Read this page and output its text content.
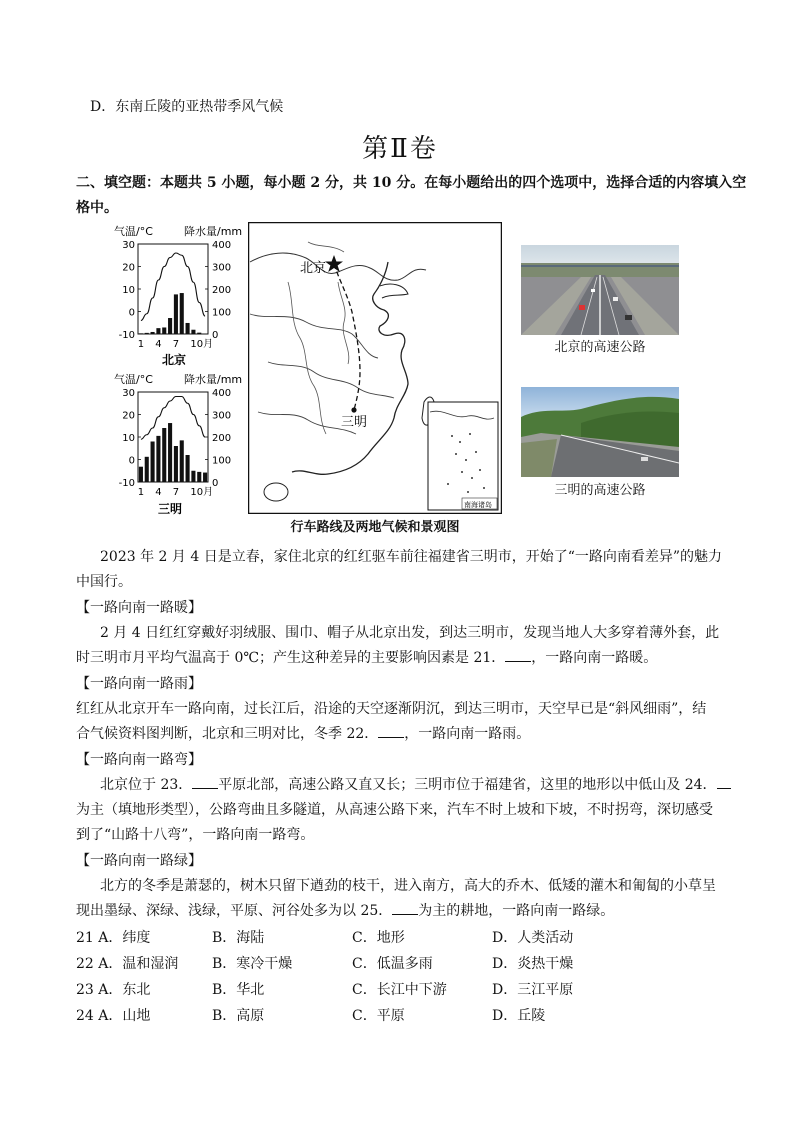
D．东南丘陵的亚热带季风气候
第Ⅱ卷
二、填空题：本题共 5 小题，每小题 2 分，共 10 分。在每小题给出的四个选项中，选择合适的内容填入空
格中。
气温/°C	降水量/mm
30
20
10
0
-10
400
300
200
100
0
1 4 7 10月
北京
气温/°C	降水量/mm
30
20
10
0
-10
400
300
200
100
0
1 4 7 10月
三明
北京
三明
南海诸岛
北京的高速公路
三明的高速公路
行车路线及两地气候和景观图
2023 年 2 月 4 日是立春，家住北京的红红驱车前往福建省三明市，开始了“一路向南看差异”的魅力
中国行。
【一路向南一路暖】
2 月 4 日红红穿戴好羽绒服、围巾、帽子从北京出发，到达三明市，发现当地人大多穿着薄外套，此
时三明市月平均气温高于 0℃；产生这种差异的主要影响因素是 21． ，一路向南一路暖。
【一路向南一路雨】
红红从北京开车一路向南，过长江后，沿途的天空逐渐阴沉，到达三明市，天空早已是“斜风细雨”，结
合气候资料图判断，北京和三明对比，冬季 22． ，一路向南一路雨。
【一路向南一路弯】
北京位于 23． 平原北部，高速公路又直又长；三明市位于福建省，这里的地形以中低山及 24．
为主（填地形类型），公路弯曲且多隧道，从高速公路下来，汽车不时上坡和下坡，不时拐弯，深切感受
到了“山路十八弯”，一路向南一路弯。
【一路向南一路绿】
北方的冬季是萧瑟的，树木只留下遒劲的枝干，进入南方，高大的乔木、低矮的灌木和匍匐的小草呈
现出墨绿、深绿、浅绿，平原、河谷处多为以 25． 为主的耕地，一路向南一路绿。
21 A．纬度	B．海陆	C．地形	D．人类活动
22 A．温和湿润 B．寒冷干燥	C．低温多雨	D．炎热干燥
23 A．东北	B．华北	C．长江中下游	D．三江平原
24 A．山地	B．高原	C．平原	D．丘陵
